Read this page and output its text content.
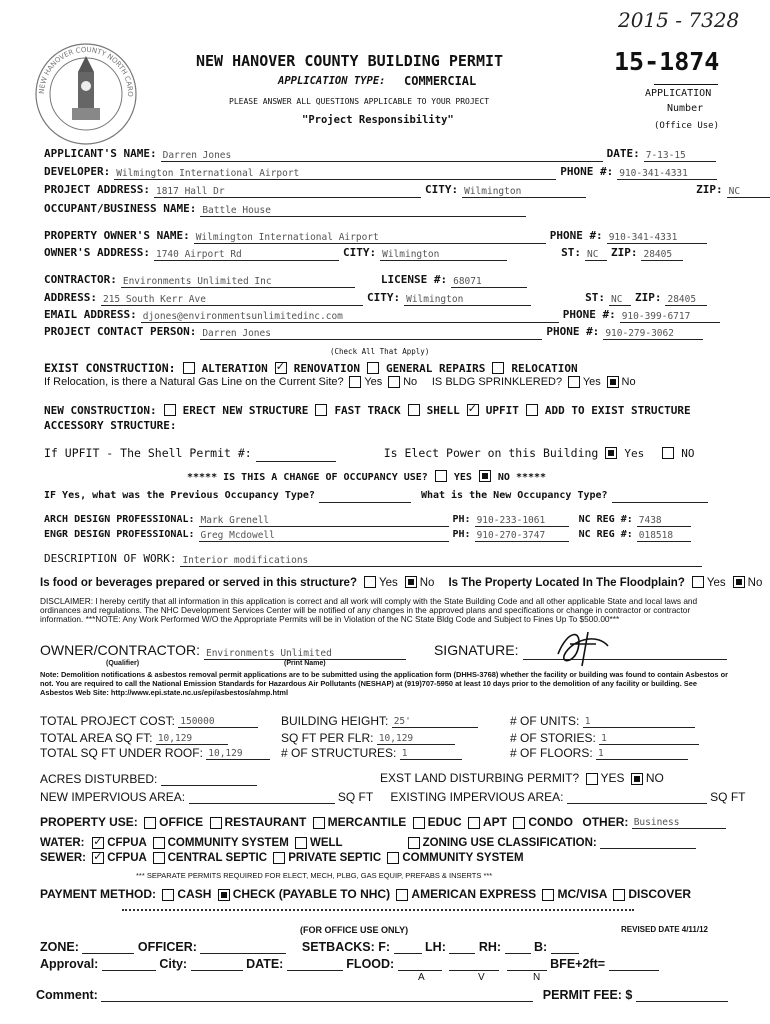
2015 - 7328
NEW HANOVER COUNTY NORTH CARO
NEW HANOVER COUNTY BUILDING PERMIT	15-1874
APPLICATION TYPE: COMMERCIAL
PLEASE ANSWER ALL QUESTIONS APPLICABLE TO YOUR PROJECT
"Project Responsibility"
APPLICATION
Number
(Office Use)
APPLICANT'S NAME: Darren Jones	DATE: 7-13-15
DEVELOPER: Wilmington International Airport	PHONE #: 910-341-4331
PROJECT ADDRESS: 1817 Hall Dr	CITY: Wilmington	ZIP: NC
OCCUPANT/BUSINESS NAME: Battle House
PROPERTY OWNER'S NAME: Wilmington International Airport	PHONE #: 910-341-4331
OWNER'S ADDRESS: 1740 Airport Rd	CITY: Wilmington	ST: NC ZIP: 28405
CONTRACTOR: Environments Unlimited Inc	LICENSE #: 68071
ADDRESS: 215 South Kerr Ave	CITY: Wilmington	ST: NC ZIP: 28405
EMAIL ADDRESS: djones@environmentsunlimitedinc.com	PHONE #: 910-399-6717
PROJECT CONTACT PERSON: Darren Jones	PHONE #: 910-279-3062
(Check All That Apply)
EXIST CONSTRUCTION: ALTERATION ✓ RENOVATION GENERAL REPAIRS RELOCATION
If Relocation, is there a Natural Gas Line on the Current Site? Yes No IS BLDG SPRINKLERED? Yes No
NEW CONSTRUCTION: ERECT NEW STRUCTURE FAST TRACK SHELL ✓ UPFIT ADD TO EXIST STRUCTURE
ACCESSORY STRUCTURE:
If UPFIT - The Shell Permit #:	Is Elect Power on this Building Yes	NO
***** IS THIS A CHANGE OF OCCUPANCY USE?	YES	NO *****
IF Yes, what was the Previous Occupancy Type?	What is the New Occupancy Type?
ARCH DESIGN PROFESSIONAL: Mark Grenell	PH: 910-233-1061	NC REG #: 7438
ENGR DESIGN PROFESSIONAL: Greg Mcdowell	PH: 910-270-3747	NC REG #: 018518
DESCRIPTION OF WORK: Interior modifications
Is food or beverages prepared or served in this structure? Yes No Is The Property Located In The Floodplain? Yes No
DISCLAIMER: I hereby certify that all information in this application is correct and all work will comply with the State Building Code and all other applicable State and local laws and ordinances and regulations. The NHC Development Services Center will be notified of any changes in the approved plans and specifications or change in contractor or contractor information. ***NOTE: Any Work Performed W/O the Appropriate Permits will be in Violation of the NC State Bldg Code and Subject to Fines Up To $500.00***
OWNER/CONTRACTOR: Environments Unlimited	SIGNATURE:
(Qualifier)	(Print Name)
Note: Demolition notifications & asbestos removal permit applications are to be submitted using the application form (DHHS-3768) whether the facility or building was found to contain Asbestos or not. You are required to call the National Emission Standards for Hazardous Air Pollutants (NESHAP) at (919)707-5950 at least 10 days prior to the demolition of any facility or building. See Asbestos Web Site: http://www.epi.state.nc.us/epi/asbestos/ahmp.html
TOTAL PROJECT COST: 150000	BUILDING HEIGHT: 25'	# OF UNITS: 1
TOTAL AREA SQ FT: 10,129	SQ FT PER FLR: 10,129	# OF STORIES: 1
TOTAL SQ FT UNDER ROOF: 10,129	# OF STRUCTURES: 1	# OF FLOORS: 1
ACRES DISTURBED:	EXST LAND DISTURBING PERMIT? YES NO
NEW IMPERVIOUS AREA:	SQ FT EXISTING IMPERVIOUS AREA:	SQ FT
PROPERTY USE: OFFICE RESTAURANT MERCANTILE EDUC APT CONDO OTHER: Business
WATER: ✓ CFPUA COMMUNITY SYSTEM WELL	ZONING USE CLASSIFICATION:
SEWER: ✓ CFPUA CENTRAL SEPTIC PRIVATE SEPTIC COMMUNITY SYSTEM
*** SEPARATE PERMITS REQUIRED FOR ELECT, MECH, PLBG, GAS EQUIP, PREFABS & INSERTS ***
PAYMENT METHOD: CASH CHECK (PAYABLE TO NHC) AMERICAN EXPRESS MC/VISA DISCOVER
(FOR OFFICE USE ONLY)	REVISED DATE 4/11/12
ZONE:	OFFICER:	SETBACKS: F:	LH:	RH:	B:
Approval:	City:	DATE:	FLOOD:	BFE+2ft=
A	V	N
Comment:	PERMIT FEE: $
